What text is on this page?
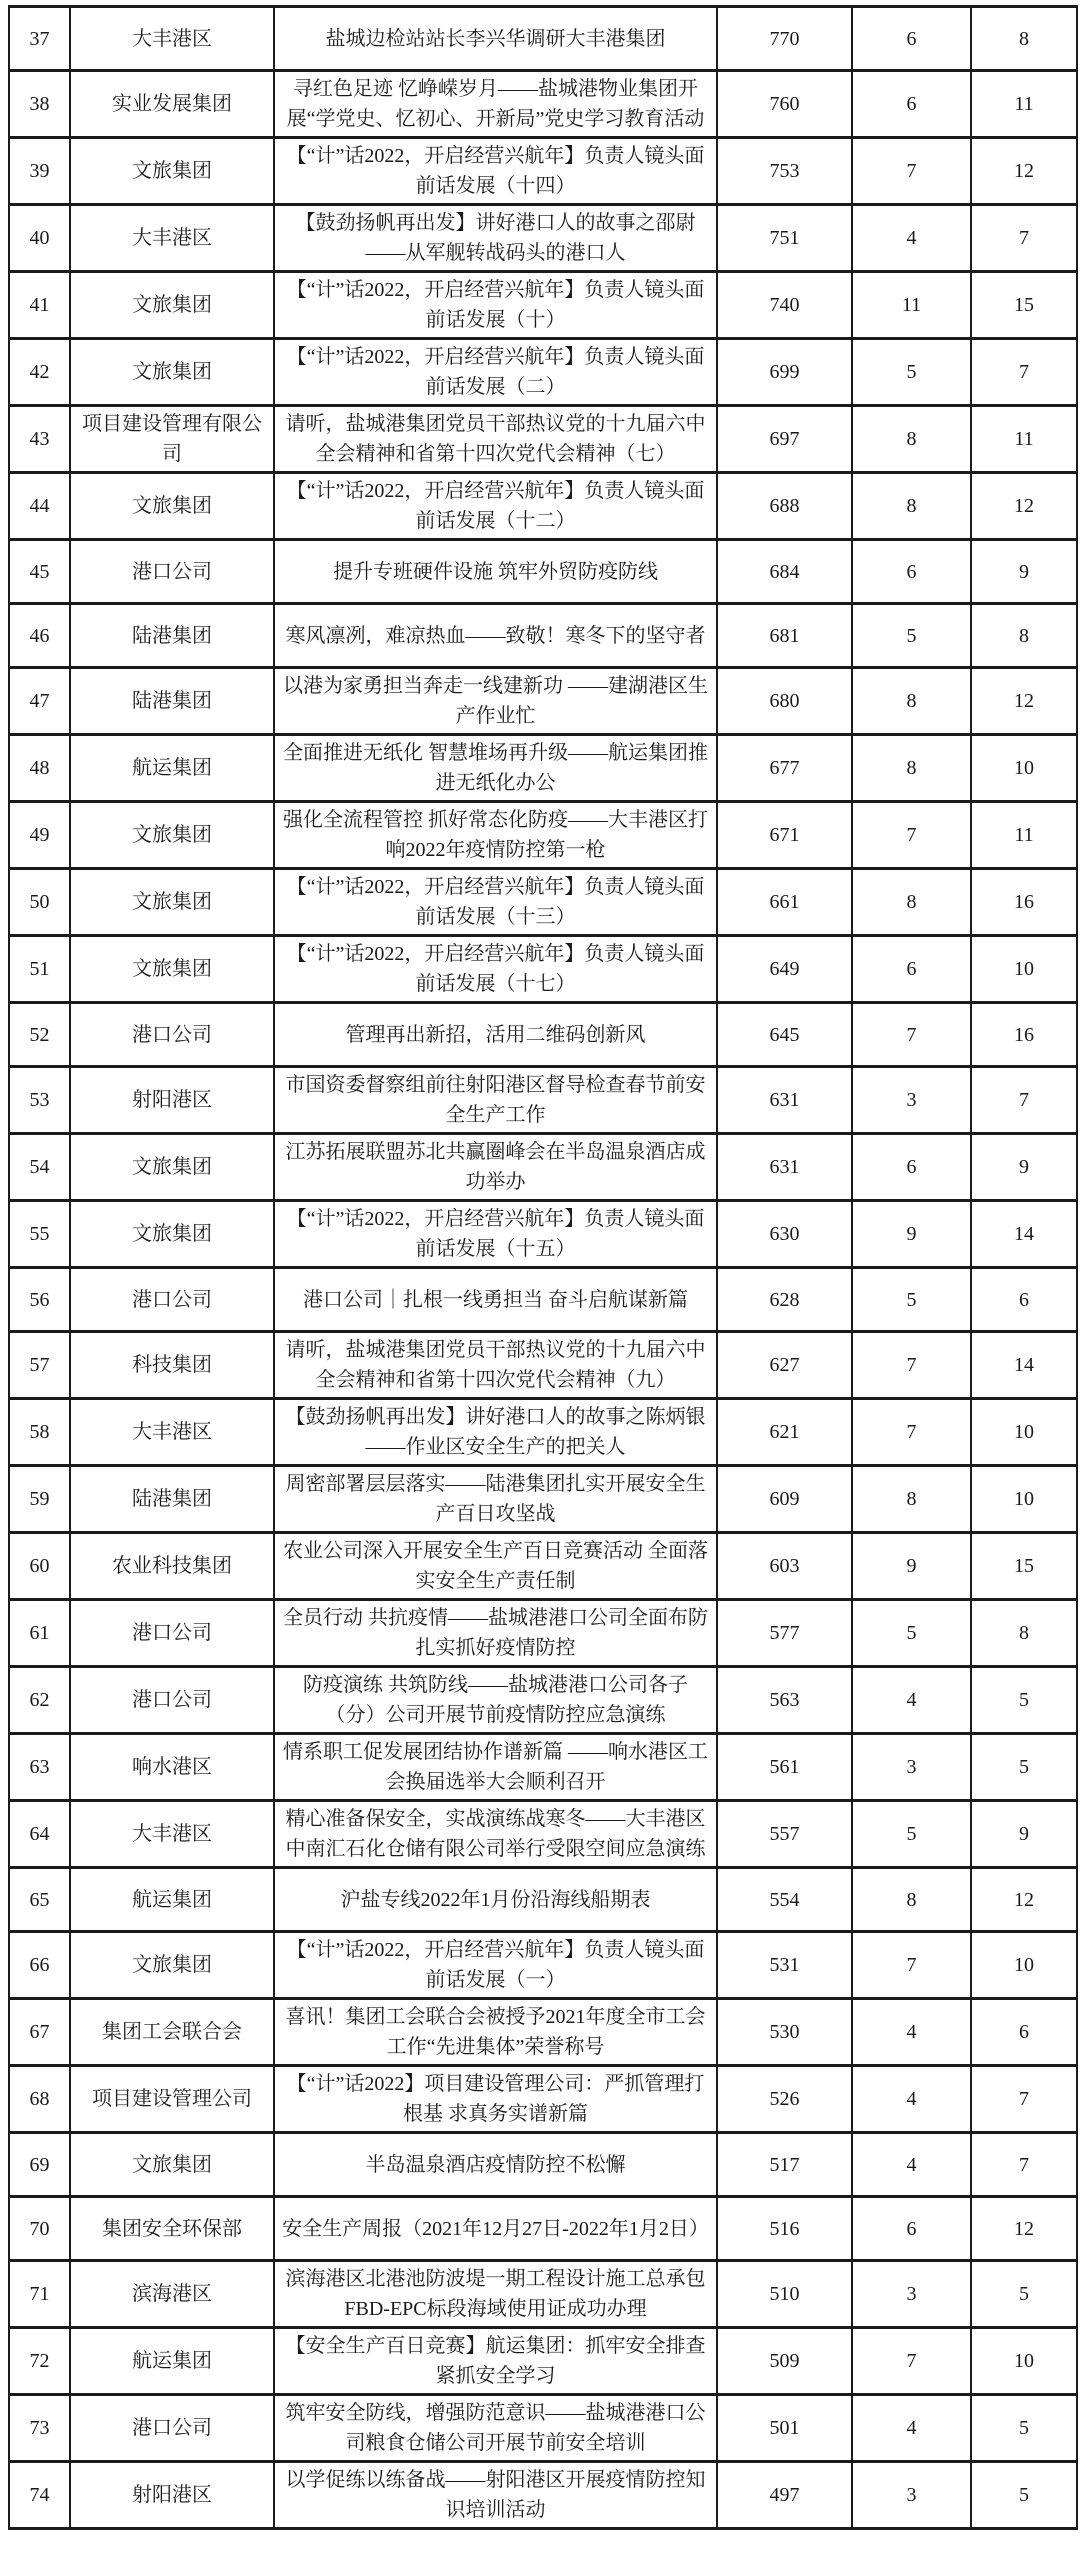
37	大丰港区	盐城边检站站长李兴华调研大丰港集团	770	6	8
38	实业发展集团	寻红色足迹 忆峥嵘岁月——盐城港物业集团开展“学党史、忆初心、开新局”党史学习教育活动	760	6	11
39	文旅集团	【“计”话2022，开启经营兴航年】负责人镜头面前话发展（十四）	753	7	12
40	大丰港区	【鼓劲扬帆再出发】讲好港口人的故事之邵尉——从军舰转战码头的港口人	751	4	7
41	文旅集团	【“计”话2022，开启经营兴航年】负责人镜头面前话发展（十）	740	11	15
42	文旅集团	【“计”话2022，开启经营兴航年】负责人镜头面前话发展（二）	699	5	7
43	项目建设管理有限公司	请听，盐城港集团党员干部热议党的十九届六中全会精神和省第十四次党代会精神（七）	697	8	11
44	文旅集团	【“计”话2022，开启经营兴航年】负责人镜头面前话发展（十二）	688	8	12
45	港口公司	提升专班硬件设施 筑牢外贸防疫防线	684	6	9
46	陆港集团	寒风凛冽，难凉热血——致敬！寒冬下的坚守者	681	5	8
47	陆港集团	以港为家勇担当奔走一线建新功 ——建湖港区生产作业忙	680	8	12
48	航运集团	全面推进无纸化 智慧堆场再升级——航运集团推进无纸化办公	677	8	10
49	文旅集团	强化全流程管控 抓好常态化防疫——大丰港区打响2022年疫情防控第一枪	671	7	11
50	文旅集团	【“计”话2022，开启经营兴航年】负责人镜头面前话发展（十三）	661	8	16
51	文旅集团	【“计”话2022，开启经营兴航年】负责人镜头面前话发展（十七）	649	6	10
52	港口公司	管理再出新招，活用二维码创新风	645	7	16
53	射阳港区	市国资委督察组前往射阳港区督导检查春节前安全生产工作	631	3	7
54	文旅集团	江苏拓展联盟苏北共赢圈峰会在半岛温泉酒店成功举办	631	6	9
55	文旅集团	【“计”话2022，开启经营兴航年】负责人镜头面前话发展（十五）	630	9	14
56	港口公司	港口公司｜扎根一线勇担当 奋斗启航谋新篇	628	5	6
57	科技集团	请听，盐城港集团党员干部热议党的十九届六中全会精神和省第十四次党代会精神（九）	627	7	14
58	大丰港区	【鼓劲扬帆再出发】讲好港口人的故事之陈炳银——作业区安全生产的把关人	621	7	10
59	陆港集团	周密部署层层落实——陆港集团扎实开展安全生产百日攻坚战	609	8	10
60	农业科技集团	农业公司深入开展安全生产百日竞赛活动 全面落实安全生产责任制	603	9	15
61	港口公司	全员行动 共抗疫情——盐城港港口公司全面布防扎实抓好疫情防控	577	5	8
62	港口公司	防疫演练 共筑防线——盐城港港口公司各子（分）公司开展节前疫情防控应急演练	563	4	5
63	响水港区	情系职工促发展团结协作谱新篇 ——响水港区工会换届选举大会顺利召开	561	3	5
64	大丰港区	精心准备保安全，实战演练战寒冬——大丰港区中南汇石化仓储有限公司举行受限空间应急演练	557	5	9
65	航运集团	沪盐专线2022年1月份沿海线船期表	554	8	12
66	文旅集团	【“计”话2022，开启经营兴航年】负责人镜头面前话发展（一）	531	7	10
67	集团工会联合会	喜讯！集团工会联合会被授予2021年度全市工会工作“先进集体”荣誉称号	530	4	6
68	项目建设管理公司	【“计”话2022】项目建设管理公司：严抓管理打根基 求真务实谱新篇	526	4	7
69	文旅集团	半岛温泉酒店疫情防控不松懈	517	4	7
70	集团安全环保部	安全生产周报（2021年12月27日-2022年1月2日）	516	6	12
71	滨海港区	滨海港区北港池防波堤一期工程设计施工总承包FBD-EPC标段海域使用证成功办理	510	3	5
72	航运集团	【安全生产百日竞赛】航运集团：抓牢安全排查紧抓安全学习	509	7	10
73	港口公司	筑牢安全防线，增强防范意识——盐城港港口公司粮食仓储公司开展节前安全培训	501	4	5
74	射阳港区	以学促练以练备战——射阳港区开展疫情防控知识培训活动	497	3	5
